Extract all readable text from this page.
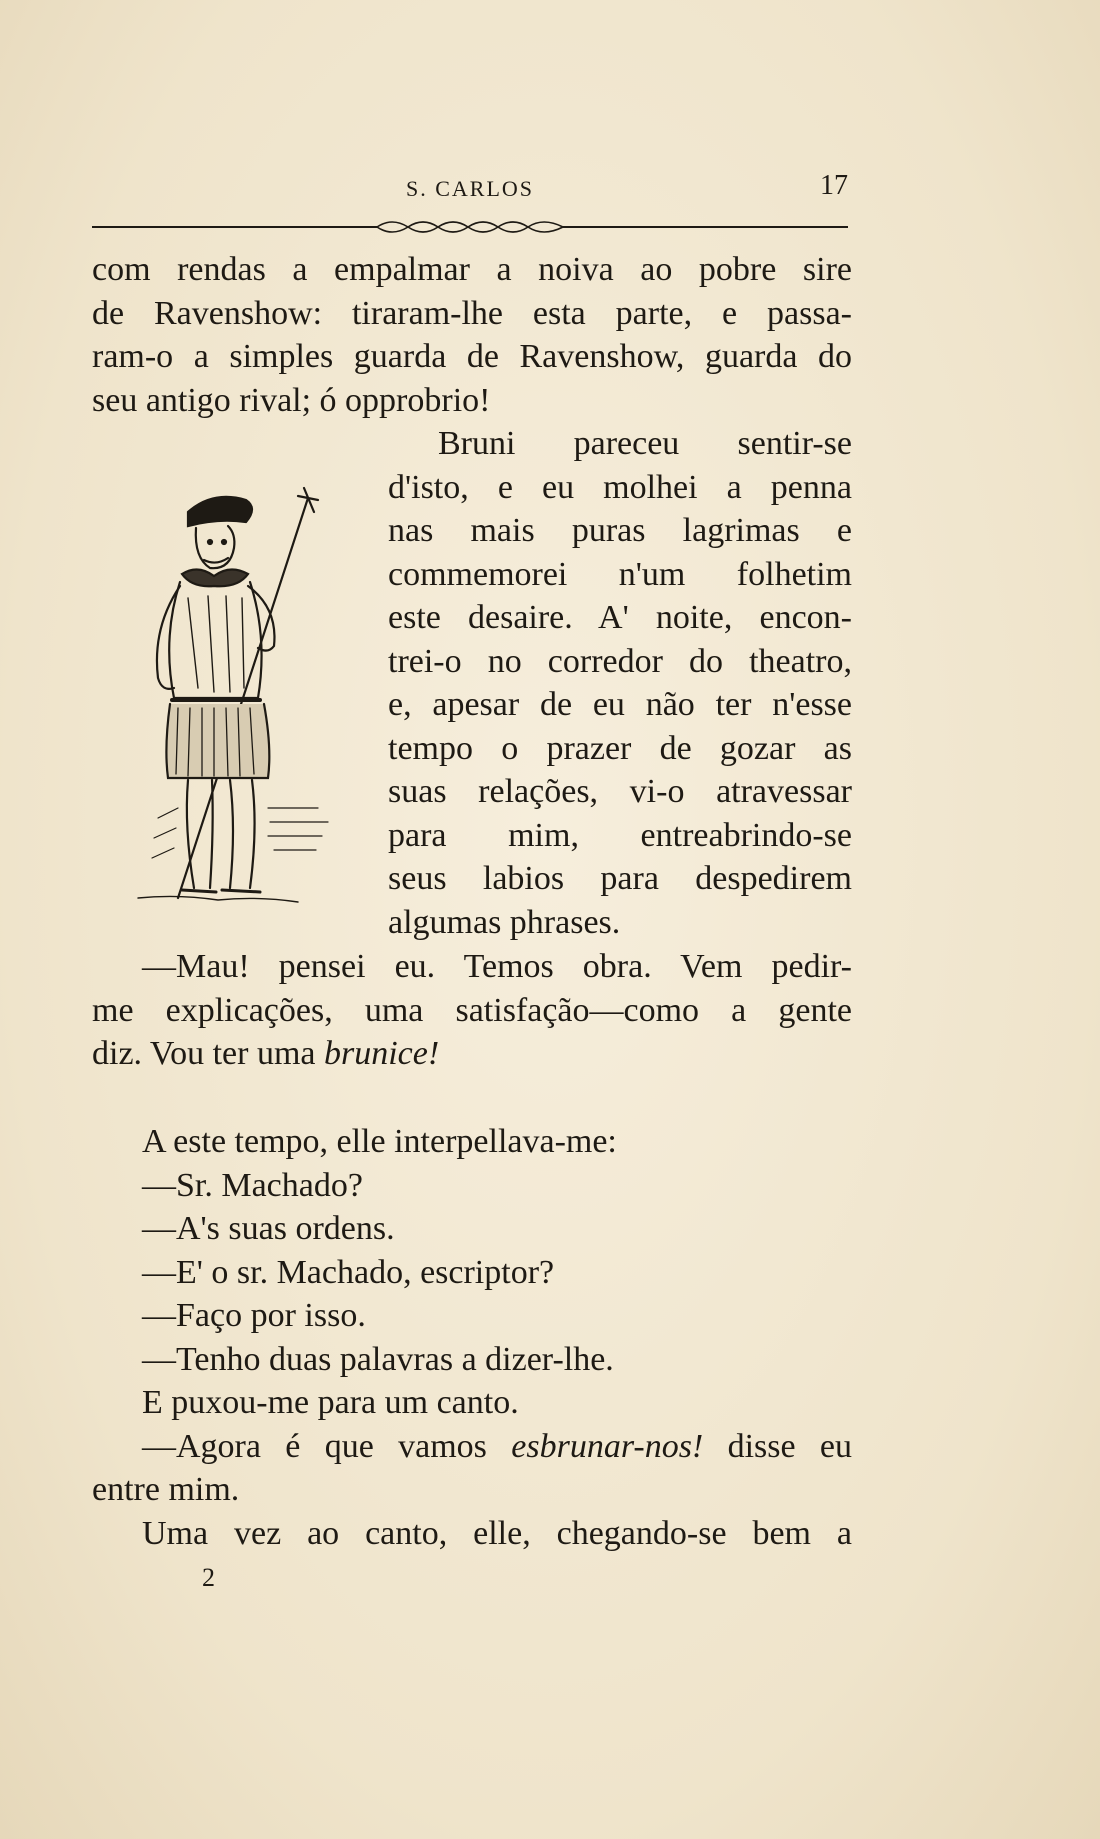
S. CARLOS	17
com rendas a empalmar a noiva ao pobre sire
de Ravenshow: tiraram-lhe esta parte, e passa-
ram-o a simples guarda de Ravenshow, guarda do
seu antigo rival; ó opprobrio!
Bruni pareceu sentir-se
d'isto, e eu molhei a penna
nas mais puras lagrimas e
commemorei n'um folhetim
este desaire. A' noite, encon-
trei-o no corredor do theatro,
e, apesar de eu não ter n'esse
tempo o prazer de gozar as
suas relações, vi-o atravessar
para mim, entreabrindo-se
seus labios para despedirem
algumas phrases.
—Mau! pensei eu. Temos obra. Vem pedir-
me explicações, uma satisfação—como a gente
diz. Vou ter uma brunice!
A este tempo, elle interpellava-me:
—Sr. Machado?
—A's suas ordens.
—E' o sr. Machado, escriptor?
—Faço por isso.
—Tenho duas palavras a dizer-lhe.
E puxou-me para um canto.
—Agora é que vamos esbrunar-nos! disse eu
entre mim.
Uma vez ao canto, elle, chegando-se bem a
2
